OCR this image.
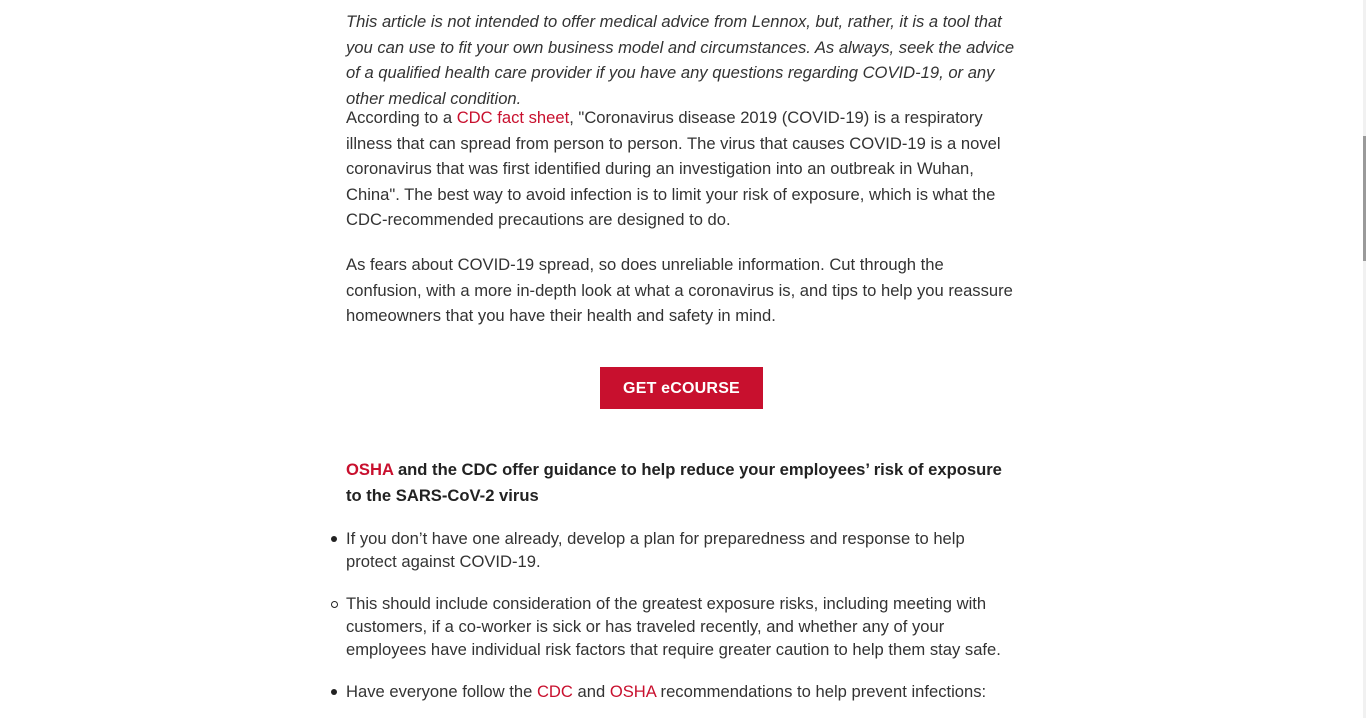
This article is not intended to offer medical advice from Lennox, but, rather, it is a tool that you can use to fit your own business model and circumstances. As always, seek the advice of a qualified health care provider if you have any questions regarding COVID-19, or any other medical condition.

According to a CDC fact sheet, "Coronavirus disease 2019 (COVID-19) is a respiratory illness that can spread from person to person. The virus that causes COVID-19 is a novel coronavirus that was first identified during an investigation into an outbreak in Wuhan, China". The best way to avoid infection is to limit your risk of exposure, which is what the CDC-recommended precautions are designed to do.

As fears about COVID-19 spread, so does unreliable information. Cut through the confusion, with a more in-depth look at what a coronavirus is, and tips to help you reassure homeowners that you have their health and safety in mind.

GET eCOURSE
OSHA and the CDC offer guidance to help reduce your employees’ risk of exposure to the SARS-CoV-2 virus
If you don’t have one already, develop a plan for preparedness and response to help protect against COVID-19.
This should include consideration of the greatest exposure risks, including meeting with customers, if a co-worker is sick or has traveled recently, and whether any of your employees have individual risk factors that require greater caution to help them stay safe.
Have everyone follow the CDC and OSHA recommendations to help prevent infections:
